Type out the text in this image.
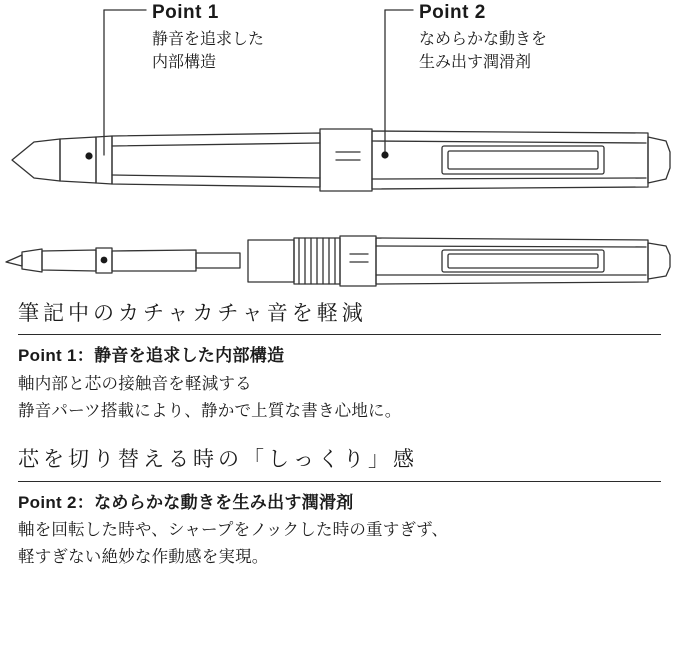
Point 1
静音を追求した
内部構造
Point 2
なめらかな動きを
生み出す潤滑剤
筆記中のカチャカチャ音を軽減

Point 1：静音を追求した内部構造

軸内部と芯の接触音を軽減する
静音パーツ搭載により、静かで上質な書き心地に。
芯を切り替える時の「しっくり」感

Point 2：なめらかな動きを生み出す潤滑剤

軸を回転した時や、シャープをノックした時の重すぎず、
軽すぎない絶妙な作動感を実現。
